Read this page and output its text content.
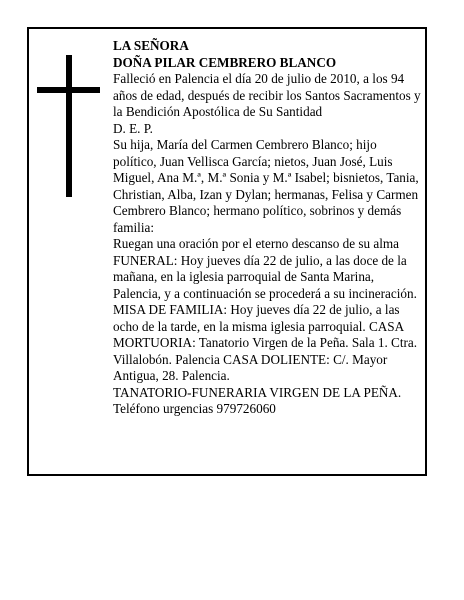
LA SEÑORA

DOÑA PILAR CEMBRERO BLANCO

Falleció en Palencia el día 20 de julio de 2010, a los 94 años de edad, después de recibir los Santos Sacramentos y la Bendición Apostólica de Su Santidad

D. E. P.

Su hija, María del Carmen Cembrero Blanco; hijo político, Juan Vellisca García; nietos, Juan José, Luis Miguel, Ana M.ª, M.ª Sonia y M.ª Isabel; bisnietos, Tania, Christian, Alba, Izan y Dylan; hermanas, Felisa y Carmen Cembrero Blanco; hermano político, sobrinos y demás familia:

Ruegan una oración por el eterno descanso de su alma FUNERAL: Hoy jueves día 22 de julio, a las doce de la mañana, en la iglesia parroquial de Santa Marina, Palencia, y a continuación se procederá a su incineración. MISA DE FAMILIA: Hoy jueves día 22 de julio, a las ocho de la tarde, en la misma iglesia parroquial. CASA MORTUORIA: Tanatorio Virgen de la Peña. Sala 1. Ctra. Villalobón. Palencia CASA DOLIENTE: C/. Mayor Antigua, 28. Palencia.

TANATORIO-FUNERARIA VIRGEN DE LA PEÑA.

Teléfono urgencias 979726060
